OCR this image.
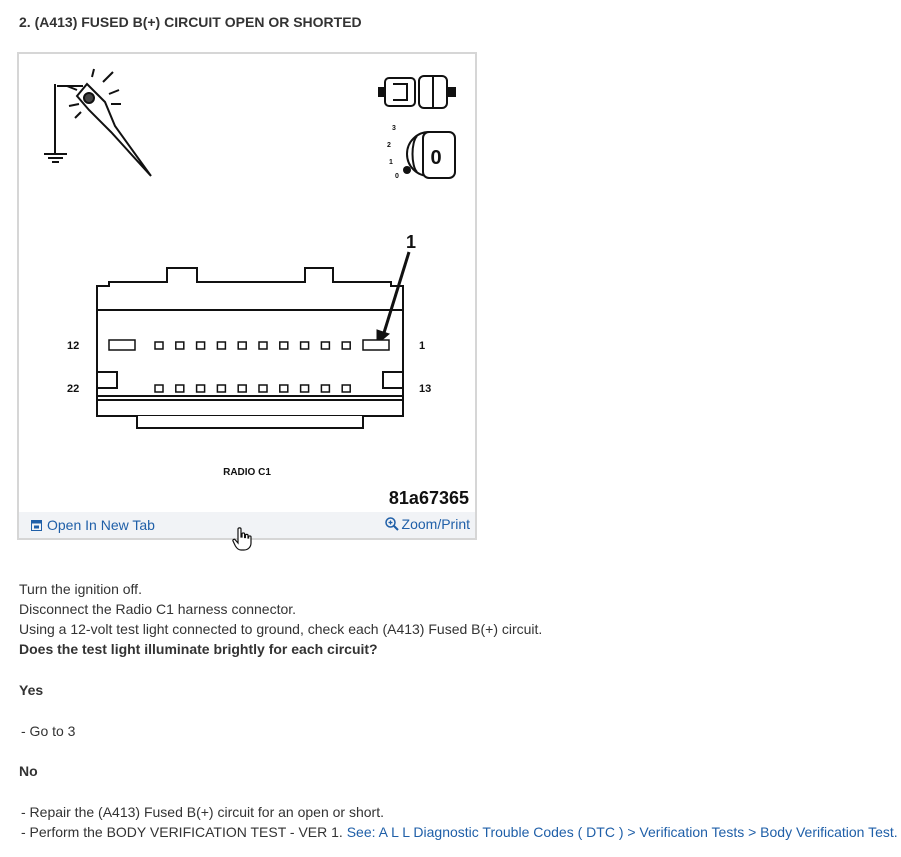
2. (A413) FUSED B(+) CIRCUIT OPEN OR SHORTED
3
2
1
0
0
1
12
22
1
13
RADIO C1
81a67365
Open In New Tab	Zoom/Print
Turn the ignition off.
Disconnect the Radio C1 harness connector.
Using a 12-volt test light connected to ground, check each (A413) Fused B(+) circuit.
Does the test light illuminate brightly for each circuit?
Yes
- Go to 3
No
- Repair the (A413) Fused B(+) circuit for an open or short.
- Perform the BODY VERIFICATION TEST - VER 1. See: A L L Diagnostic Trouble Codes ( DTC ) > Verification Tests > Body Verification Test.
